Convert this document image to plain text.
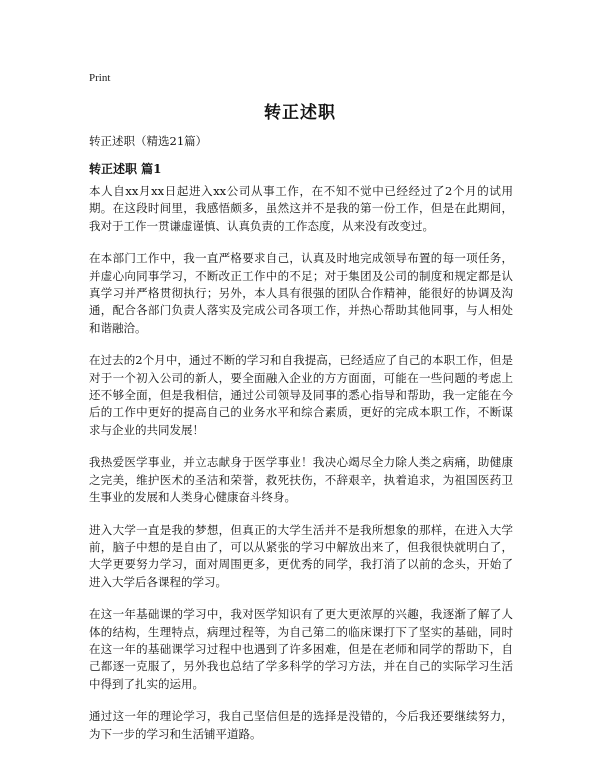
Print
转正述职
转正述职（精选21篇）
转正述职 篇1

本人自xx月xx日起进入xx公司从事工作，在不知不觉中已经经过了2个月的试用期。在这段时间里，我感悟颇多，虽然这并不是我的第一份工作，但是在此期间，我对于工作一贯谦虚谨慎、认真负责的工作态度，从来没有改变过。

在本部门工作中，我一直严格要求自己，认真及时地完成领导布置的每一项任务，并虚心向同事学习，不断改正工作中的不足；对于集团及公司的制度和规定都是认真学习并严格贯彻执行；另外，本人具有很强的团队合作精神，能很好的协调及沟通，配合各部门负责人落实及完成公司各项工作，并热心帮助其他同事，与人相处和谐融洽。

在过去的2个月中，通过不断的学习和自我提高，已经适应了自己的本职工作，但是对于一个初入公司的新人，要全面融入企业的方方面面，可能在一些问题的考虑上还不够全面，但是我相信，通过公司领导及同事的悉心指导和帮助，我一定能在今后的工作中更好的提高自己的业务水平和综合素质，更好的完成本职工作，不断谋求与企业的共同发展！

我热爱医学事业，并立志献身于医学事业！我决心竭尽全力除人类之病痛，助健康之完美，维护医术的圣洁和荣誉，救死扶伤，不辞艰辛，执着追求，为祖国医药卫生事业的发展和人类身心健康奋斗终身。

进入大学一直是我的梦想，但真正的大学生活并不是我所想象的那样，在进入大学前，脑子中想的是自由了，可以从紧张的学习中解放出来了，但我很快就明白了，大学更要努力学习，面对周围更多，更优秀的同学，我打消了以前的念头，开始了进入大学后各课程的学习。

在这一年基础课的学习中，我对医学知识有了更大更浓厚的兴趣，我逐渐了解了人体的结构，生理特点，病理过程等，为自己第二的临床课打下了坚实的基础，同时在这一年的基础课学习过程中也遇到了许多困难，但是在老师和同学的帮助下，自己都逐一克服了，另外我也总结了学多科学的学习方法，并在自己的实际学习生活中得到了扎实的运用。

通过这一年的理论学习，我自己坚信但是的选择是没错的，今后我还要继续努力，为下一步的学习和生活铺平道路。
